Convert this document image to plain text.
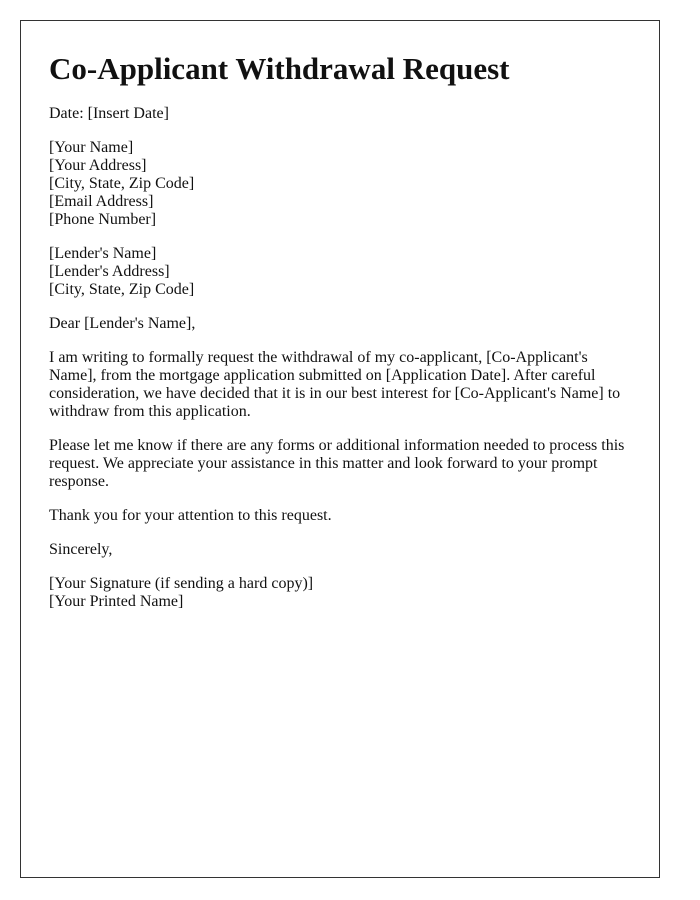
Co-Applicant Withdrawal Request

Date: [Insert Date]

[Your Name]
[Your Address]
[City, State, Zip Code]
[Email Address]
[Phone Number]

[Lender's Name]
[Lender's Address]
[City, State, Zip Code]

Dear [Lender's Name],

I am writing to formally request the withdrawal of my co-applicant, [Co-Applicant's Name], from the mortgage application submitted on [Application Date]. After careful consideration, we have decided that it is in our best interest for [Co-Applicant's Name] to withdraw from this application.

Please let me know if there are any forms or additional information needed to process this request. We appreciate your assistance in this matter and look forward to your prompt response.

Thank you for your attention to this request.

Sincerely,

[Your Signature (if sending a hard copy)]
[Your Printed Name]
